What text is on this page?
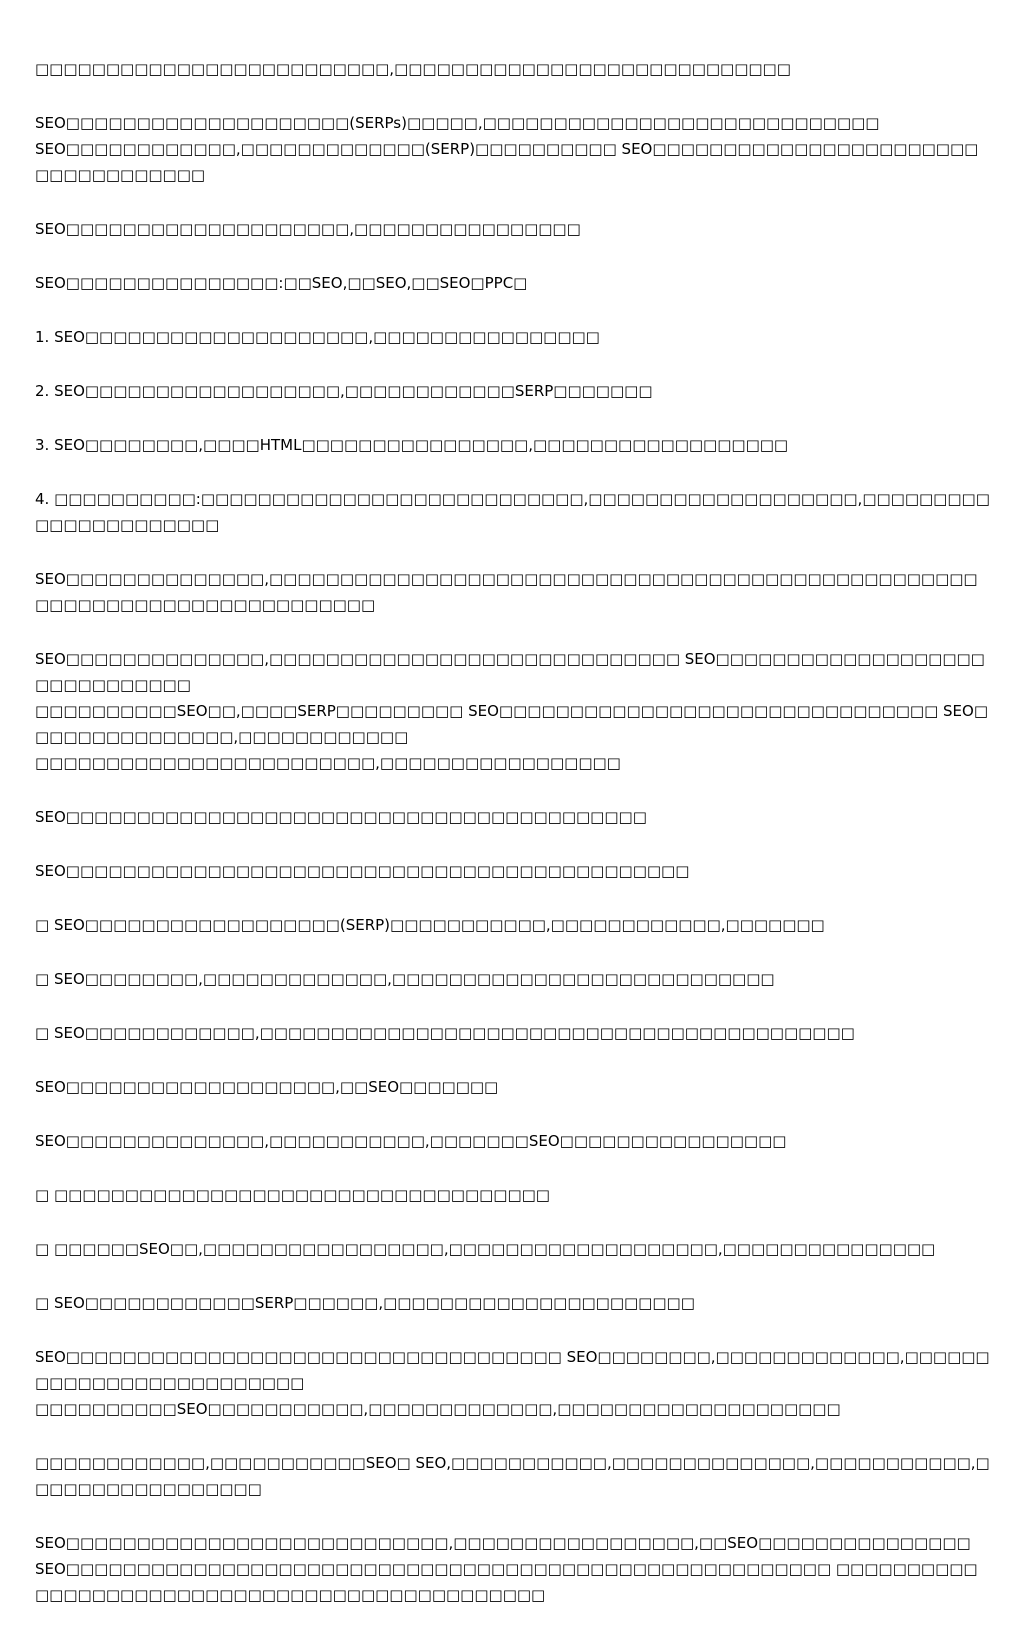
□□□□□□□□□□□□□□□□□□□□□□□□□,□□□□□□□□□□□□□□□□□□□□□□□□□□□□

SEO□□□□□□□□□□□□□□□□□□□□(SERPs)□□□□□,□□□□□□□□□□□□□□□□□□□□□□□□□□□□
SEO□□□□□□□□□□□□,□□□□□□□□□□□□□(SERP)□□□□□□□□□□ SEO□□□□□□□□□□□□□□□□□□□□□□□□□□□□□□□□□□□

SEO□□□□□□□□□□□□□□□□□□□□,□□□□□□□□□□□□□□□□

SEO□□□□□□□□□□□□□□□:□□SEO,□□SEO,□□SEO□PPC□

1. SEO□□□□□□□□□□□□□□□□□□□□,□□□□□□□□□□□□□□□□

2. SEO□□□□□□□□□□□□□□□□□□,□□□□□□□□□□□□SERP□□□□□□□

3. SEO□□□□□□□□,□□□□HTML□□□□□□□□□□□□□□□□,□□□□□□□□□□□□□□□□□□

4. □□□□□□□□□□:□□□□□□□□□□□□□□□□□□□□□□□□□□□,□□□□□□□□□□□□□□□□□□□,□□□□□□□□□□□□□□□□□□□□□□

SEO□□□□□□□□□□□□□□,□□□□□□□□□□□□□□□□□□□□□□□□□□□□□□□□□□□□□□□□□□□□□□□□□□□□□□□□□□□□□□□□□□□□□□□□□□

SEO□□□□□□□□□□□□□□,□□□□□□□□□□□□□□□□□□□□□□□□□□□□□ SEO□□□□□□□□□□□□□□□□□□□□□□□□□□□□□□
□□□□□□□□□□SEO□□,□□□□SERP□□□□□□□□□ SEO□□□□□□□□□□□□□□□□□□□□□□□□□□□□□□□ SEO□□□□□□□□□□□□□□□,□□□□□□□□□□□□
□□□□□□□□□□□□□□□□□□□□□□□□,□□□□□□□□□□□□□□□□□

SEO□□□□□□□□□□□□□□□□□□□□□□□□□□□□□□□□□□□□□□□□□

SEO□□□□□□□□□□□□□□□□□□□□□□□□□□□□□□□□□□□□□□□□□□□□

□ SEO□□□□□□□□□□□□□□□□□□(SERP)□□□□□□□□□□□,□□□□□□□□□□□□,□□□□□□□

□ SEO□□□□□□□□,□□□□□□□□□□□□□,□□□□□□□□□□□□□□□□□□□□□□□□□□□

□ SEO□□□□□□□□□□□□,□□□□□□□□□□□□□□□□□□□□□□□□□□□□□□□□□□□□□□□□□□

SEO□□□□□□□□□□□□□□□□□□□,□□SEO□□□□□□□

SEO□□□□□□□□□□□□□□,□□□□□□□□□□□,□□□□□□□SEO□□□□□□□□□□□□□□□□

□ □□□□□□□□□□□□□□□□□□□□□□□□□□□□□□□□□□□

□ □□□□□□SEO□□,□□□□□□□□□□□□□□□□□,□□□□□□□□□□□□□□□□□□□,□□□□□□□□□□□□□□□

□ SEO□□□□□□□□□□□□SERP□□□□□□,□□□□□□□□□□□□□□□□□□□□□□

SEO□□□□□□□□□□□□□□□□□□□□□□□□□□□□□□□□□□□ SEO□□□□□□□□,□□□□□□□□□□□□□,□□□□□□□□□□□□□□□□□□□□□□□□□
□□□□□□□□□□SEO□□□□□□□□□□□,□□□□□□□□□□□□□,□□□□□□□□□□□□□□□□□□□□

□□□□□□□□□□□□,□□□□□□□□□□□SEO□ SEO,□□□□□□□□□□□,□□□□□□□□□□□□□□,□□□□□□□□□□□,□□□□□□□□□□□□□□□□□

SEO□□□□□□□□□□□□□□□□□□□□□□□□□□□,□□□□□□□□□□□□□□□□□,□□SEO□□□□□□□□□□□□□□□
SEO□□□□□□□□□□□□□□□□□□□□□□□□□□□□□□□□□□□□□□□□□□□□□□□□□□□□□□ □□□□□□□□□□□□□□□□□□□□□□□□□□□□□□□□□□□□□□□□□□□□□□
